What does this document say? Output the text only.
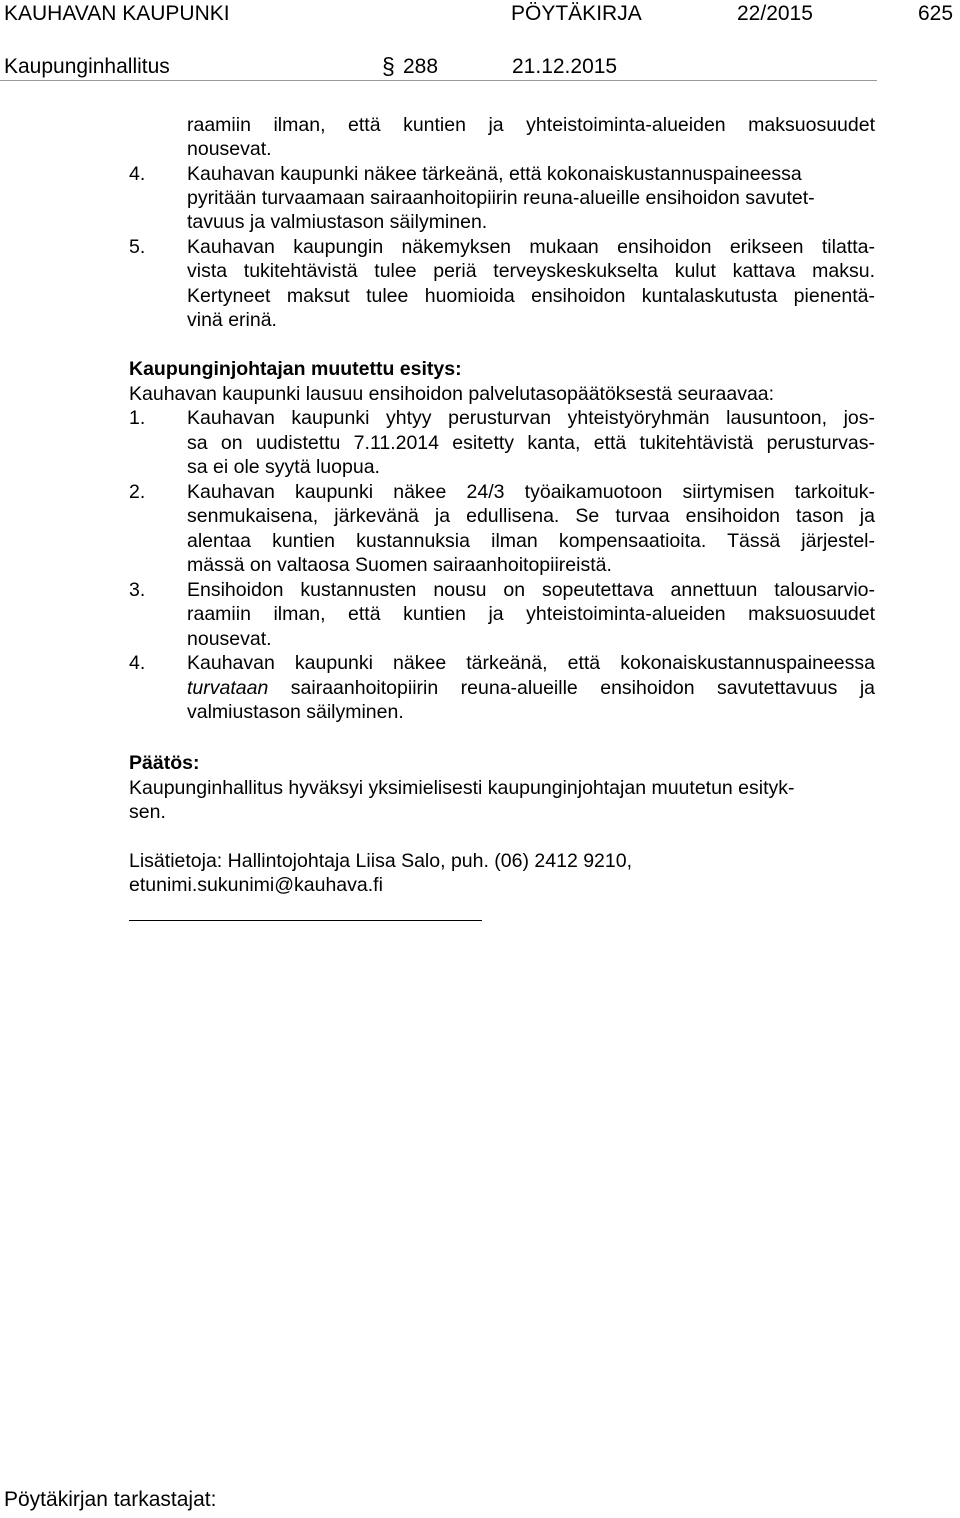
KAUHAVAN KAUPUNKI	PÖYTÄKIRJA	22/2015	625
Kaupunginhallitus	§ 288	21.12.2015
raamiin ilman, että kuntien ja yhteistoiminta-alueiden maksuosuudet
nousevat.
4. Kauhavan kaupunki näkee tärkeänä, että kokonaiskustannuspaineessa
pyritään turvaamaan sairaanhoitopiirin reuna-alueille ensihoidon savutet-
tavuus ja valmiustason säilyminen.
5. Kauhavan kaupungin näkemyksen mukaan ensihoidon erikseen tilatta-
vista tukitehtävistä tulee periä terveyskeskukselta kulut kattava maksu.
Kertyneet maksut tulee huomioida ensihoidon kuntalaskutusta pienentä-
vinä erinä.
Kaupunginjohtajan muutettu esitys:
Kauhavan kaupunki lausuu ensihoidon palvelutasopäätöksestä seuraavaa:
1. Kauhavan kaupunki yhtyy perusturvan yhteistyöryhmän lausuntoon, jos-
sa on uudistettu 7.11.2014 esitetty kanta, että tukitehtävistä perusturvas-
sa ei ole syytä luopua.
2. Kauhavan kaupunki näkee 24/3 työaikamuotoon siirtymisen tarkoituk-
senmukaisena, järkevänä ja edullisena. Se turvaa ensihoidon tason ja
alentaa kuntien kustannuksia ilman kompensaatioita. Tässä järjestel-
mässä on valtaosa Suomen sairaanhoitopiireistä.
3. Ensihoidon kustannusten nousu on sopeutettava annettuun talousarvio-
raamiin ilman, että kuntien ja yhteistoiminta-alueiden maksuosuudet
nousevat.
4. Kauhavan kaupunki näkee tärkeänä, että kokonaiskustannuspaineessa
turvataan sairaanhoitopiirin reuna-alueille ensihoidon savutettavuus ja
valmiustason säilyminen.
Päätös:
Kaupunginhallitus hyväksyi yksimielisesti kaupunginjohtajan muutetun esityk-
sen.
Lisätietoja: Hallintojohtaja Liisa Salo, puh. (06) 2412 9210,
etunimi.sukunimi@kauhava.fi
Pöytäkirjan tarkastajat:
